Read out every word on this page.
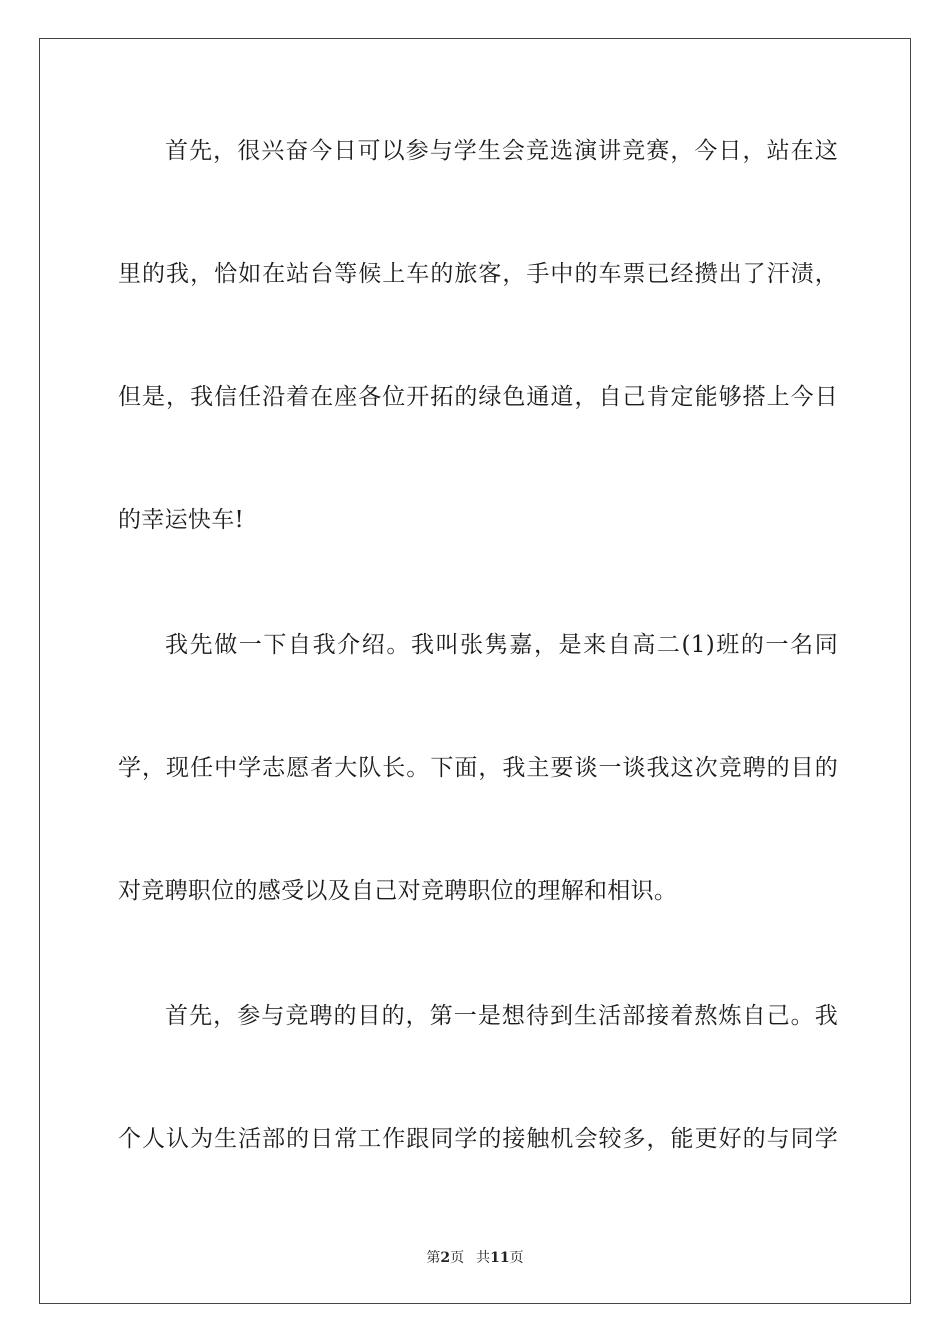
首先，很兴奋今日可以参与学生会竞选演讲竞赛，今日，站在这
里的我，恰如在站台等候上车的旅客，手中的车票已经攒出了汗渍，
但是，我信任沿着在座各位开拓的绿色通道，自己肯定能够搭上今日
的幸运快车!
我先做一下自我介绍。我叫张隽嘉，是来自高二(1)班的一名同
学，现任中学志愿者大队长。下面，我主要谈一谈我这次竞聘的目的
对竞聘职位的感受以及自己对竞聘职位的理解和相识。
首先，参与竞聘的目的，第一是想待到生活部接着熬炼自己。我
个人认为生活部的日常工作跟同学的接触机会较多，能更好的与同学
第2页 共11页
